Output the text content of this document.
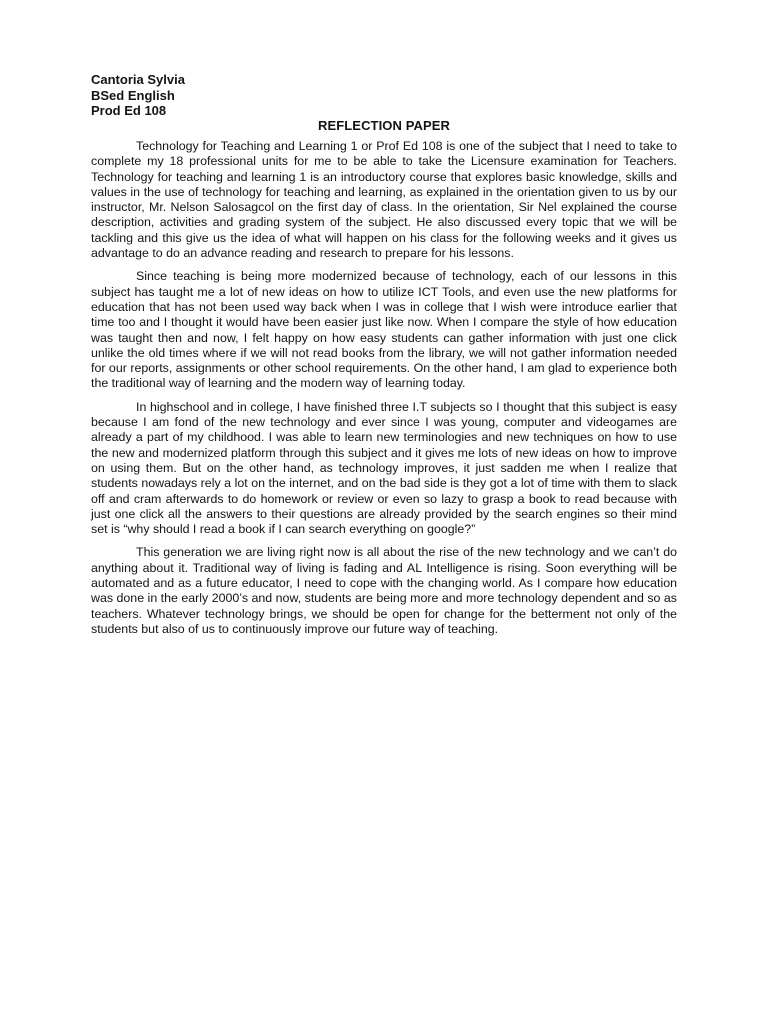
Cantoria Sylvia
BSed English
Prod Ed 108
REFLECTION PAPER

Technology for Teaching and Learning 1 or Prof Ed 108 is one of the subject that I need to take to complete my 18 professional units for me to be able to take the Licensure examination for Teachers. Technology for teaching and learning 1 is an introductory course that explores basic knowledge, skills and values in the use of technology for teaching and learning, as explained in the orientation given to us by our instructor, Mr. Nelson Salosagcol on the first day of class. In the orientation, Sir Nel explained the course description, activities and grading system of the subject. He also discussed every topic that we will be tackling and this give us the idea of what will happen on his class for the following weeks and it gives us advantage to do an advance reading and research to prepare for his lessons.

Since teaching is being more modernized because of technology, each of our lessons in this subject has taught me a lot of new ideas on how to utilize ICT Tools, and even use the new platforms for education that has not been used way back when I was in college that I wish were introduce earlier that time too and I thought it would have been easier just like now. When I compare the style of how education was taught then and now, I felt happy on how easy students can gather information with just one click unlike the old times where if we will not read books from the library, we will not gather information needed for our reports, assignments or other school requirements. On the other hand, I am glad to experience both the traditional way of learning and the modern way of learning today.

In highschool and in college, I have finished three I.T subjects so I thought that this subject is easy because I am fond of the new technology and ever since I was young, computer and videogames are already a part of my childhood. I was able to learn new terminologies and new techniques on how to use the new and modernized platform through this subject and it gives me lots of new ideas on how to improve on using them. But on the other hand, as technology improves, it just sadden me when I realize that students nowadays rely a lot on the internet, and on the bad side is they got a lot of time with them to slack off and cram afterwards to do homework or review or even so lazy to grasp a book to read because with just one click all the answers to their questions are already provided by the search engines so their mind set is “why should I read a book if I can search everything on google?”

This generation we are living right now is all about the rise of the new technology and we can’t do anything about it. Traditional way of living is fading and AL Intelligence is rising. Soon everything will be automated and as a future educator, I need to cope with the changing world. As I compare how education was done in the early 2000’s and now, students are being more and more technology dependent and so as teachers. Whatever technology brings, we should be open for change for the betterment not only of the students but also of us to continuously improve our future way of teaching.
